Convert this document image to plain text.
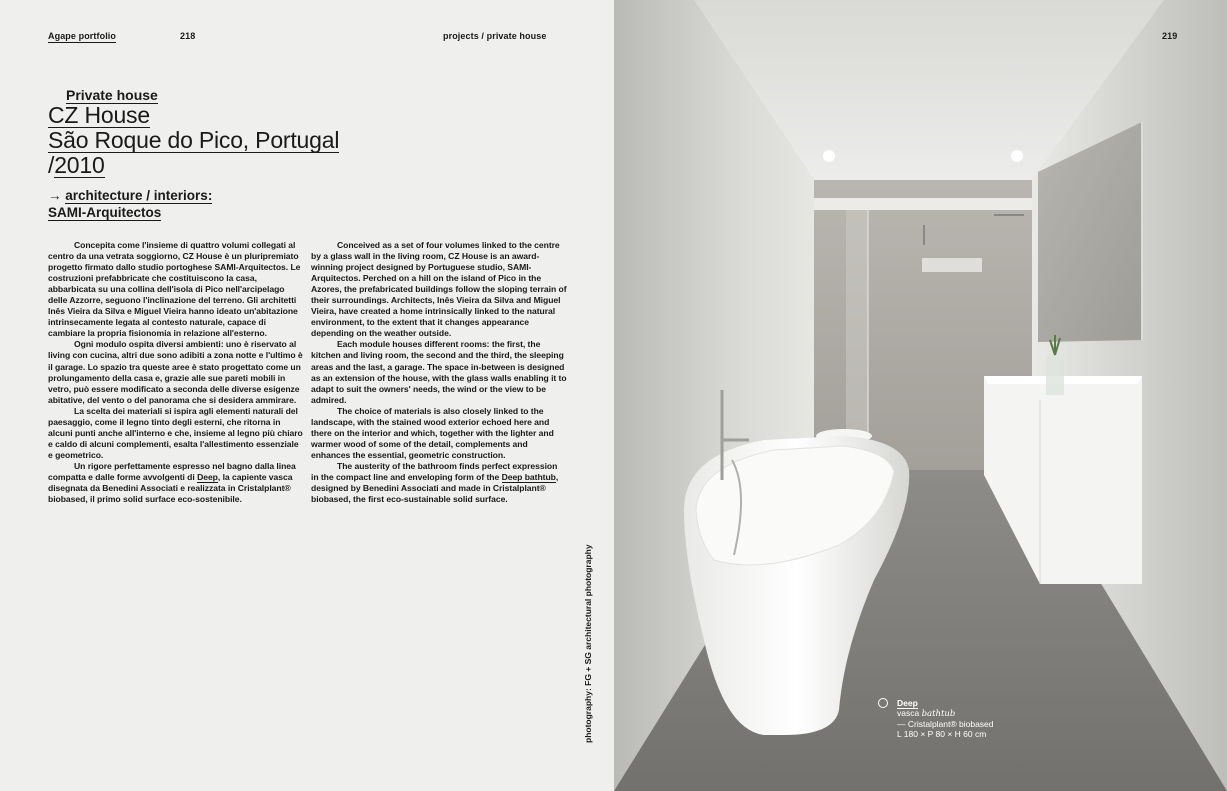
Agape portfolio	218	projects / private house
Private house
CZ House
São Roque do Pico, Portugal
/2010
→ architecture / interiors:
SAMI-Arquitectos

Concepita come l'insieme di quattro volumi collegati al centro da una vetrata soggiorno, CZ House è un pluripremiato progetto firmato dallo studio portoghese SAMI-Arquitectos. Le costruzioni prefabbricate che costituiscono la casa, abbarbicata su una collina dell'isola di Pico nell'arcipelago delle Azzorre, seguono l'inclinazione del terreno. Gli architetti Inês Vieira da Silva e Miguel Vieira hanno ideato un'abitazione intrinsecamente legata al contesto naturale, capace di cambiare la propria fisionomia in relazione all'esterno.

Ogni modulo ospita diversi ambienti: uno è riservato al living con cucina, altri due sono adibiti a zona notte e l'ultimo è il garage. Lo spazio tra queste aree è stato progettato come un prolungamento della casa e, grazie alle sue pareti mobili in vetro, può essere modificato a seconda delle diverse esigenze abitative, del vento o del panorama che si desidera ammirare.

La scelta dei materiali si ispira agli elementi naturali del paesaggio, come il legno tinto degli esterni, che ritorna in alcuni punti anche all'interno e che, insieme al legno più chiaro e caldo di alcuni complementi, esalta l'allestimento essenziale e geometrico.

Un rigore perfettamente espresso nel bagno dalla linea compatta e dalle forme avvolgenti di Deep, la capiente vasca disegnata da Benedini Associati e realizzata in Cristalplant® biobased, il primo solid surface eco-sostenibile.

Conceived as a set of four volumes linked to the centre by a glass wall in the living room, CZ House is an award-winning project designed by Portuguese studio, SAMI-Arquitectos. Perched on a hill on the island of Pico in the Azores, the prefabricated buildings follow the sloping terrain of their surroundings. Architects, Inês Vieira da Silva and Miguel Vieira, have created a home intrinsically linked to the natural environment, to the extent that it changes appearance depending on the weather outside.

Each module houses different rooms: the first, the kitchen and living room, the second and the third, the sleeping areas and the last, a garage. The space in-between is designed as an extension of the house, with the glass walls enabling it to adapt to suit the owners' needs, the wind or the view to be admired.

The choice of materials is also closely linked to the landscape, with the stained wood exterior echoed here and there on the interior and which, together with the lighter and warmer wood of some of the detail, complements and enhances the essential, geometric construction.

The austerity of the bathroom finds perfect expression in the compact line and enveloping form of the Deep bathtub, designed by Benedini Associati and made in Cristalplant® biobased, the first eco-sustainable solid surface.

photography: FG + SG architectural photography
219
Deep
vasca bathtub
— Cristalplant® biobased
L 180 × P 80 × H 60 cm
